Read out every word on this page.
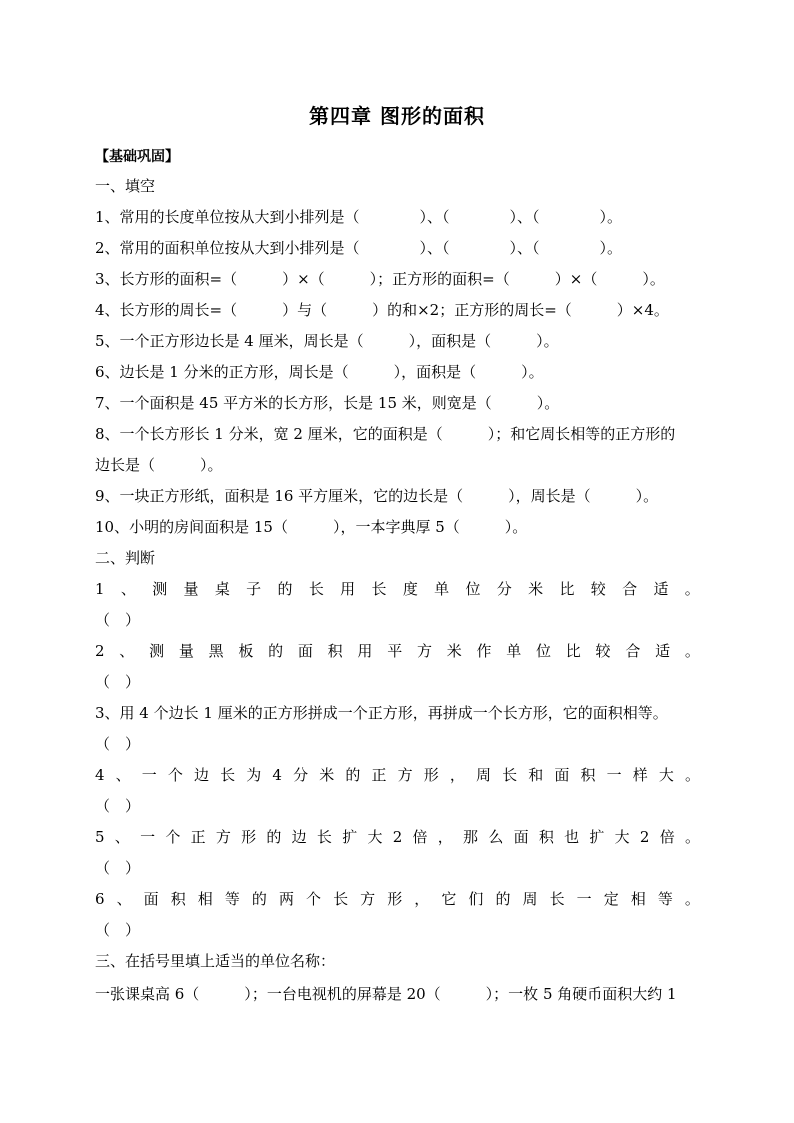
第四章 图形的面积
【基础巩固】
一、填空
1、常用的长度单位按从大到小排列是（　　　　）、（　　　　）、（　　　　）。
2、常用的面积单位按从大到小排列是（　　　　）、（　　　　）、（　　　　）。
3、长方形的面积=（　　　）×（　　　）；正方形的面积=（　　　）×（　　　）。
4、长方形的周长=（　　　）与（　　　）的和×2；正方形的周长=（　　　）×4。
5、一个正方形边长是 4 厘米，周长是（　　　），面积是（　　　）。
6、边长是 1 分米的正方形，周长是（　　　），面积是（　　　）。
7、一个面积是 45 平方米的长方形，长是 15 米，则宽是（　　　）。
8、一个长方形长 1 分米，宽 2 厘米，它的面积是（　　　）；和它周长相等的正方形的
边长是（　　　）。
9、一块正方形纸，面积是 16 平方厘米，它的边长是（　　　），周长是（　　　）。
10、小明的房间面积是 15（　　　），一本字典厚 5（　　　）。
二、判断
1 、 测 量 桌 子 的 长 用 长 度 单 位 分 米 比 较 合 适 。
（　）
2 、 测 量 黑 板 的 面 积 用 平 方 米 作 单 位 比 较 合 适 。
（　）
3、用 4 个边长 1 厘米的正方形拼成一个正方形，再拼成一个长方形，它的面积相等。
（　）
4 、 一 个 边 长 为 4 分 米 的 正 方 形 ， 周 长 和 面 积 一 样 大 。
（　）
5 、 一 个 正 方 形 的 边 长 扩 大 2 倍 ， 那 么 面 积 也 扩 大 2 倍 。
（　）
6 、 面 积 相 等 的 两 个 长 方 形 ， 它 们 的 周 长 一 定 相 等 。
（　）
三、在括号里填上适当的单位名称：
一张课桌高 6（　　　）；一台电视机的屏幕是 20（　　　）；一枚 5 角硬币面积大约 1
